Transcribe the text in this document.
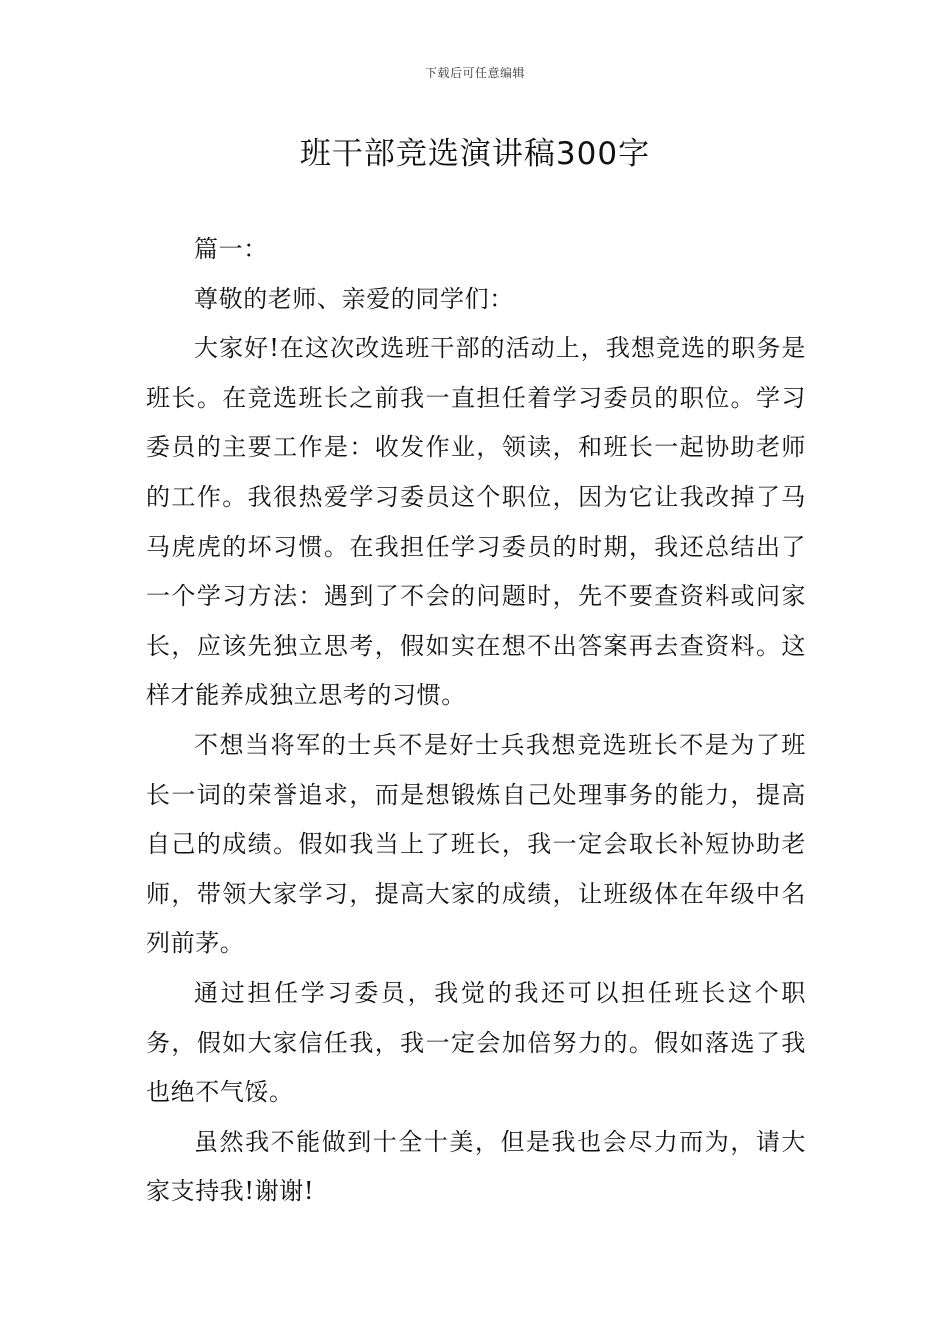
下载后可任意编辑
班干部竞选演讲稿300字

篇一：

尊敬的老师、亲爱的同学们：

大家好!在这次改选班干部的活动上，我想竞选的职务是班长。在竞选班长之前我一直担任着学习委员的职位。学习委员的主要工作是：收发作业，领读，和班长一起协助老师的工作。我很热爱学习委员这个职位，因为它让我改掉了马马虎虎的坏习惯。在我担任学习委员的时期，我还总结出了一个学习方法：遇到了不会的问题时，先不要查资料或问家长，应该先独立思考，假如实在想不出答案再去查资料。这样才能养成独立思考的习惯。

不想当将军的士兵不是好士兵我想竞选班长不是为了班长一词的荣誉追求，而是想锻炼自己处理事务的能力，提高自己的成绩。假如我当上了班长，我一定会取长补短协助老师，带领大家学习，提高大家的成绩，让班级体在年级中名列前茅。

通过担任学习委员，我觉的我还可以担任班长这个职务，假如大家信任我，我一定会加倍努力的。假如落选了我也绝不气馁。

虽然我不能做到十全十美，但是我也会尽力而为，请大家支持我!谢谢!
